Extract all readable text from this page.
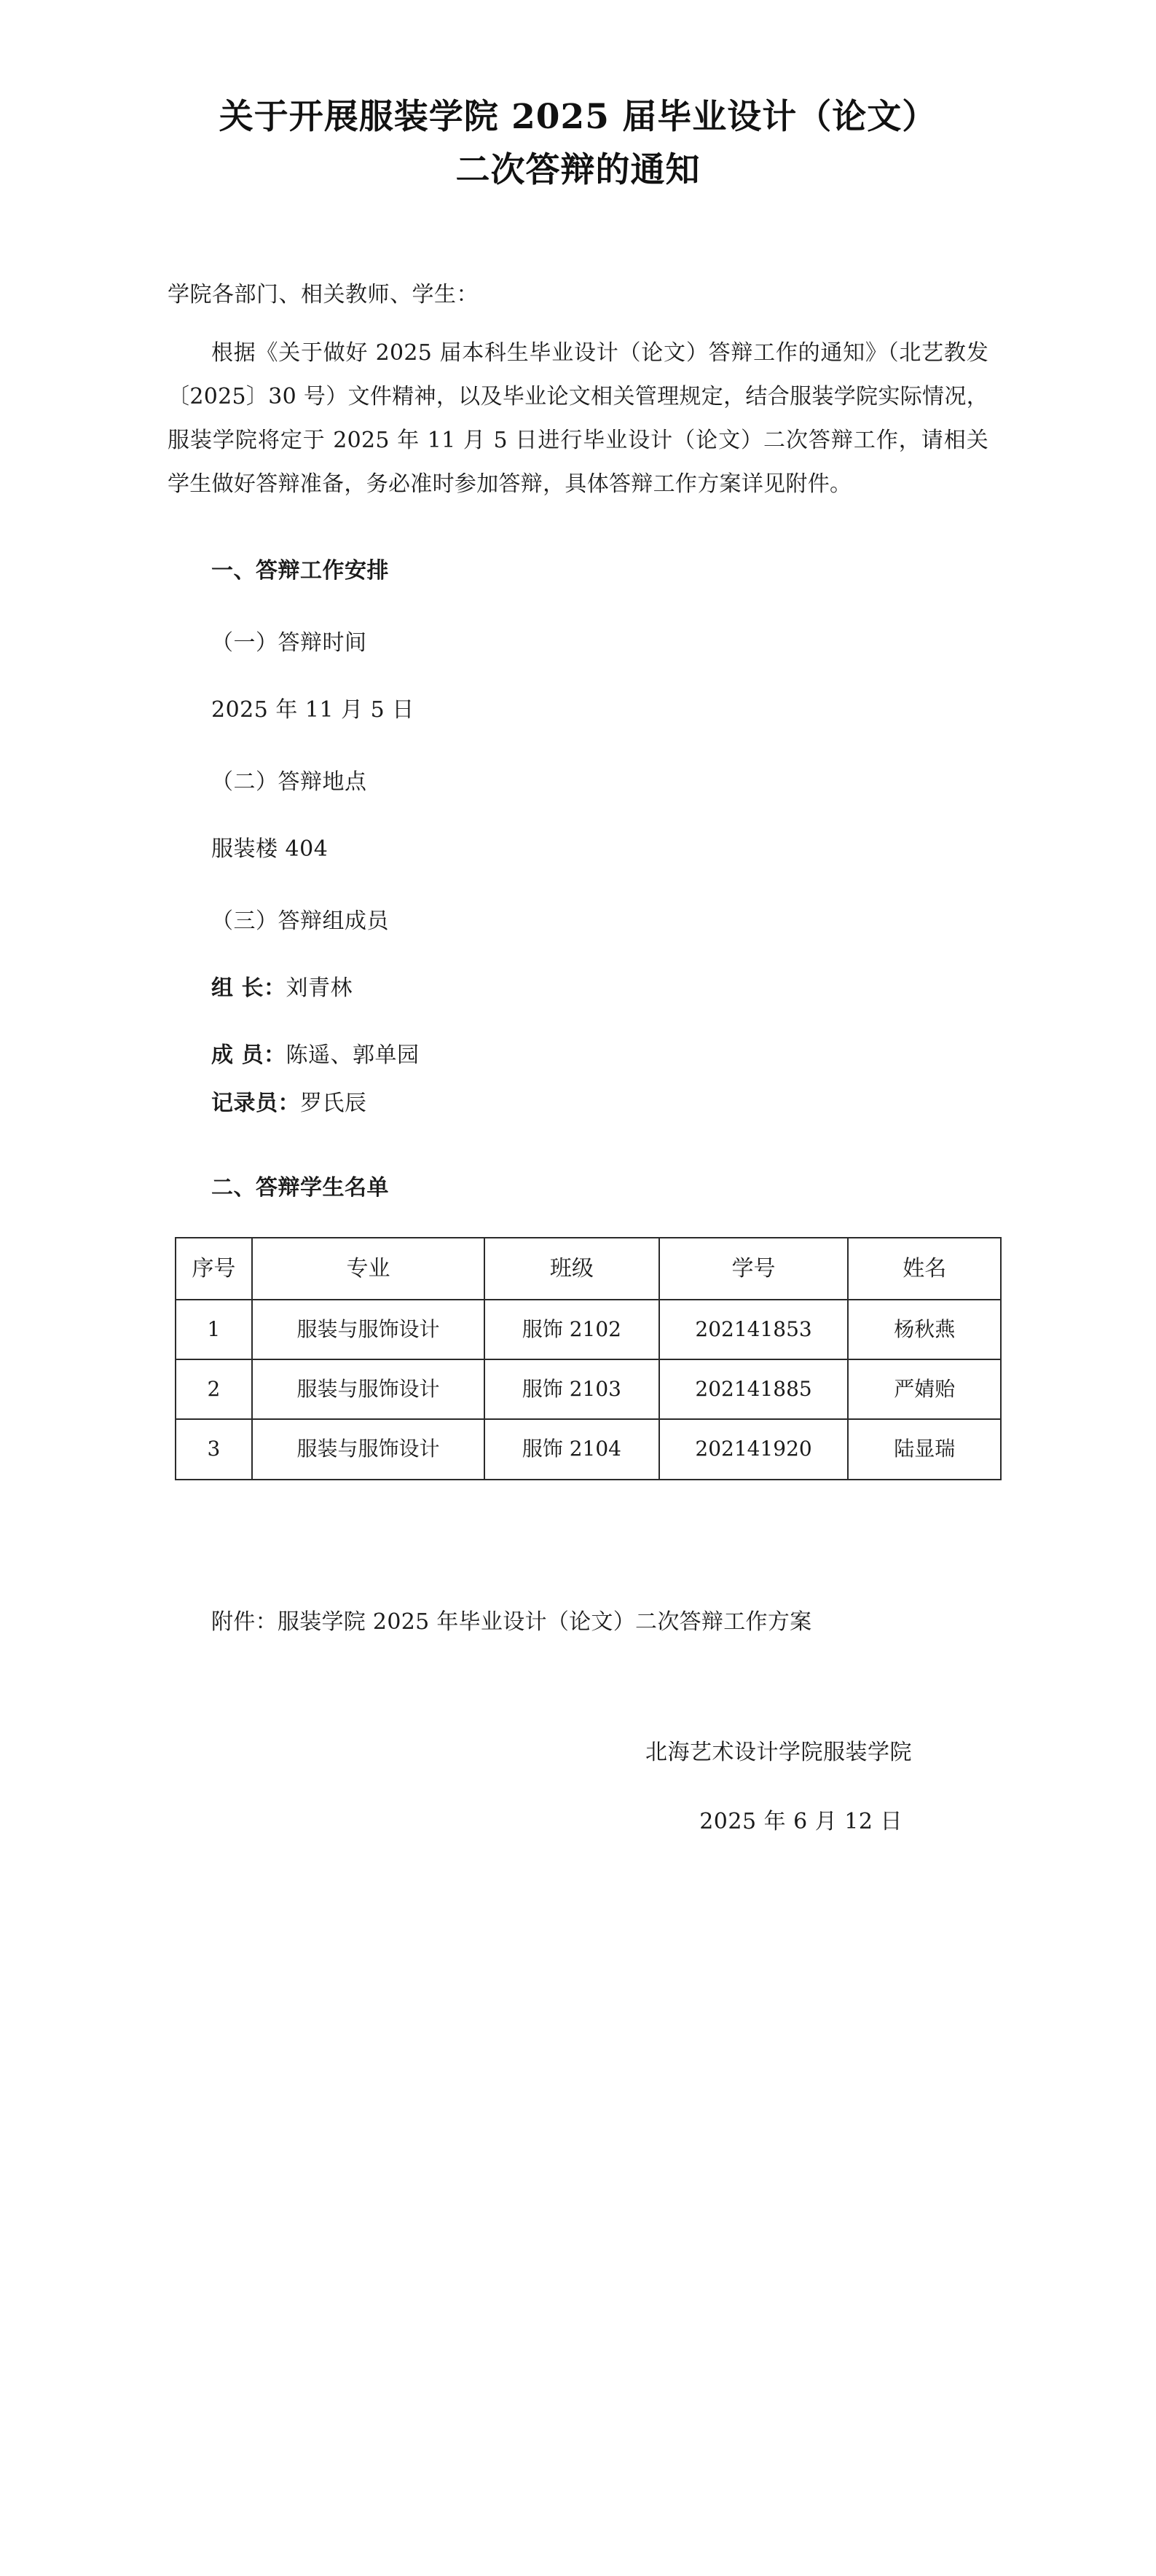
关于开展服装学院 2025 届毕业设计（论文）
二次答辩的通知
学院各部门、相关教师、学生：
根据《关于做好 2025 届本科生毕业设计（论文）答辩工作的通知》（北艺教发〔2025〕30 号）文件精神，以及毕业论文相关管理规定，结合服装学院实际情况，服装学院将定于 2025 年 11 月 5 日进行毕业设计（论文）二次答辩工作，请相关学生做好答辩准备，务必准时参加答辩，具体答辩工作方案详见附件。
一、答辩工作安排
（一）答辩时间
2025 年 11 月 5 日
（二）答辩地点
服装楼 404
（三）答辩组成员
组 长：刘青林
成 员：陈遥、郭单园
记录员：罗氏辰
二、答辩学生名单
序号	专业	班级	学号	姓名
1	服装与服饰设计	服饰 2102	202141853	杨秋燕
2	服装与服饰设计	服饰 2103	202141885	严婧贻
3	服装与服饰设计	服饰 2104	202141920	陆显瑞
附件：服装学院 2025 年毕业设计（论文）二次答辩工作方案
北海艺术设计学院服装学院
2025 年 6 月 12 日
